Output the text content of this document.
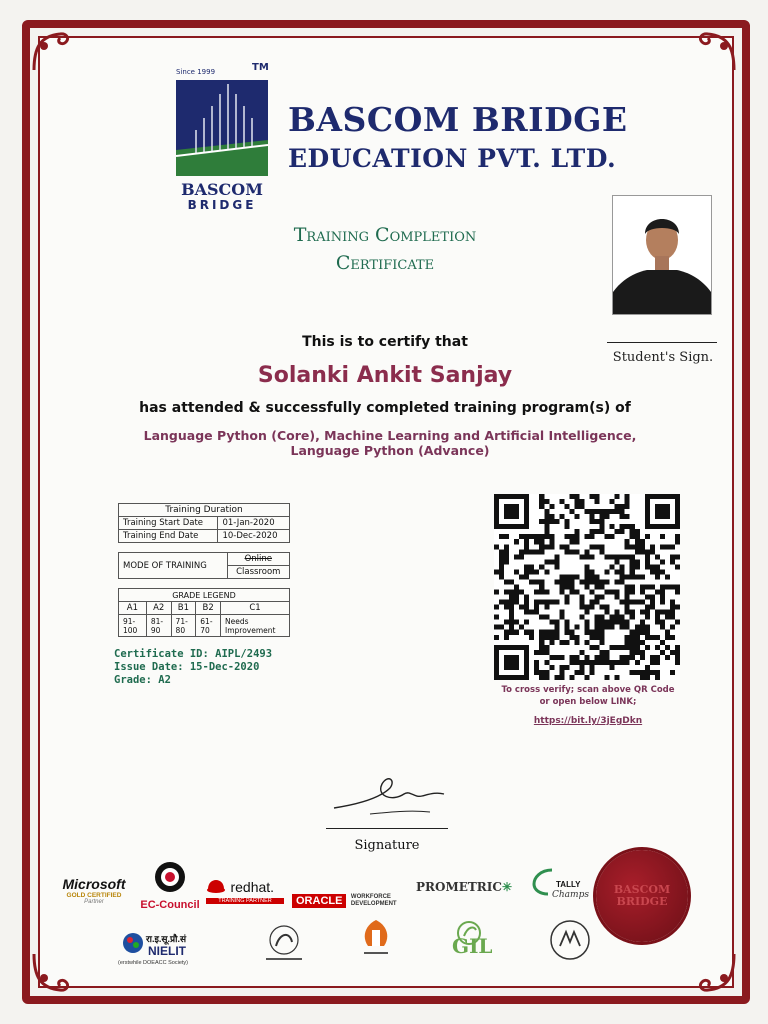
Since 1999	TM
BASCOM
BRIDGE
BASCOM BRIDGE
EDUCATION PVT. LTD.
Training Completion
Certificate
Student's Sign.
This is to certify that
Solanki Ankit Sanjay
has attended & successfully completed training program(s) of
Language Python (Core), Machine Learning and Artificial Intelligence,
Language Python (Advance)
Training Duration	
Training Start Date	01-Jan-2020
Training End Date	10-Dec-2020
MODE OF TRAINING	Online
Classroom
GRADE LEGEND				
A1	A2	B1	B2	C1
91-100	81-90	71-80	61-70	Needs Improvement
Certificate ID: AIPL/2493
Issue Date: 15-Dec-2020
Grade: A2
To cross verify; scan above QR Code
or open below LINK;
https://bit.ly/3jEgDkn
Signature
Microsoft
GOLD CERTIFIED
Partner	EC-Council
redhat.
TRAINING PARTNER	ORACLE WORKFORCE
DEVELOPMENT
PROMETRIC✳	TALLY
Champs	BASCOM
BRIDGE
रा.इ.सू.प्रौ.सं
NIELIT
(erstwhile DOEACC Society)
GIL
